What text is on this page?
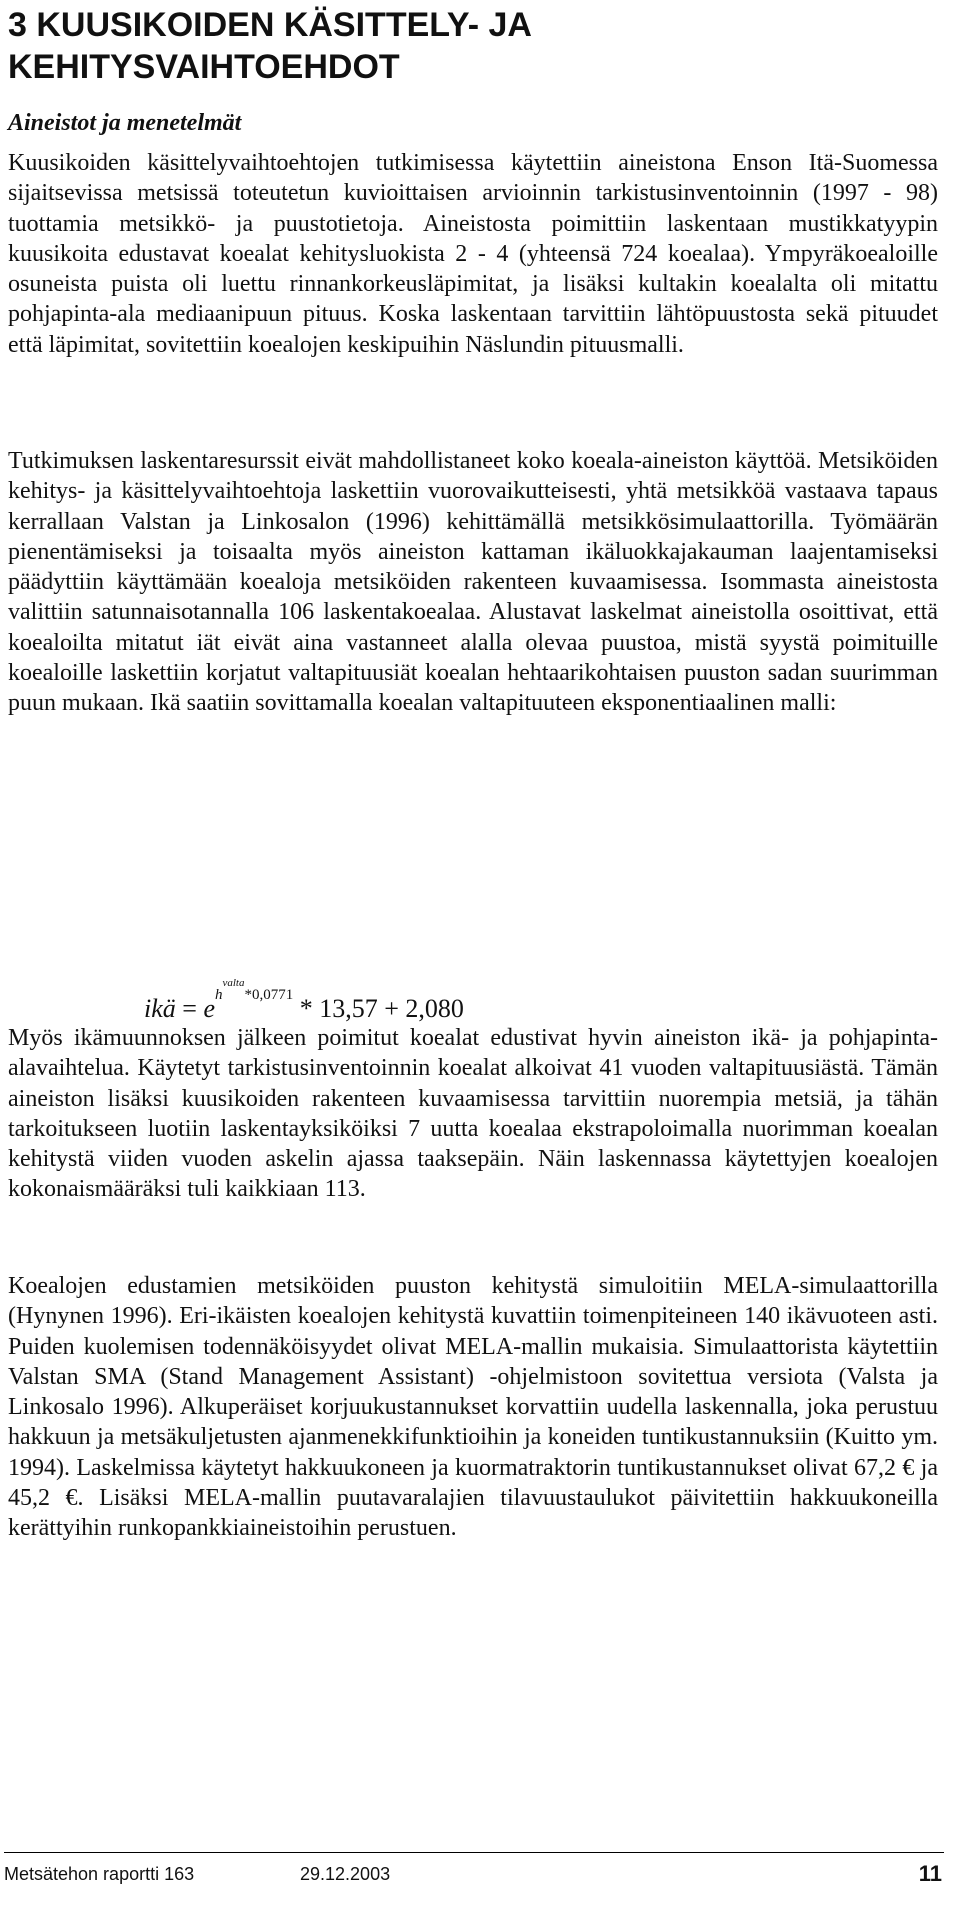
3 KUUSIKOIDEN KÄSITTELY- JA
KEHITYSVAIHTOEHDOT
Aineistot ja menetelmät

Kuusikoiden käsittelyvaihtoehtojen tutkimisessa käytettiin aineistona Enson Itä-Suomessa sijaitsevissa metsissä toteutetun kuvioittaisen arvioinnin tarkistusinventoinnin (1997 - 98) tuottamia metsikkö- ja puustotietoja. Aineistosta poimittiin laskentaan mustikkatyypin kuusikoita edustavat koealat kehitysluokista 2 - 4 (yhteensä 724 koealaa). Ympyräkoealoille osuneista puista oli luettu rinnankorkeusläpimitat, ja lisäksi kultakin koealalta oli mitattu pohjapinta-ala mediaanipuun pituus. Koska laskentaan tarvittiin lähtöpuustosta sekä pituudet että läpimitat, sovitettiin koealojen keskipuihin Näslundin pituusmalli.

Tutkimuksen laskentaresurssit eivät mahdollistaneet koko koeala-aineiston käyttöä. Metsiköiden kehitys- ja käsittelyvaihtoehtoja laskettiin vuorovaikutteisesti, yhtä metsikköä vastaava tapaus kerrallaan Valstan ja Linkosalon (1996) kehittämällä metsikkösimulaattorilla. Työmäärän pienentämiseksi ja toisaalta myös aineiston kattaman ikäluokkajakauman laajentamiseksi päädyttiin käyttämään koealoja metsiköiden rakenteen kuvaamisessa. Isommasta aineistosta valittiin satunnaisotannalla 106 laskentakoealaa. Alustavat laskelmat aineistolla osoittivat, että koealoilta mitatut iät eivät aina vastanneet alalla olevaa puustoa, mistä syystä poimituille koealoille laskettiin korjatut valtapituusiät koealan hehtaarikohtaisen puuston sadan suurimman puun mukaan. Ikä saatiin sovittamalla koealan valtapituuteen eksponentiaalinen malli:

ikä = $e^{h^{valta}*0,0771} * 13,57 + 2,080$

Myös ikämuunnoksen jälkeen poimitut koealat edustivat hyvin aineiston ikä- ja pohjapinta-alavaihtelua. Käytetyt tarkistusinventoinnin koealat alkoivat 41 vuoden valtapituusiästä. Tämän aineiston lisäksi kuusikoiden rakenteen kuvaamisessa tarvittiin nuorempia metsiä, ja tähän tarkoitukseen luotiin laskentayksiköiksi 7 uutta koealaa ekstrapoloimalla nuorimman koealan kehitystä viiden vuoden askelin ajassa taaksepäin. Näin laskennassa käytettyjen koealojen kokonaismääräksi tuli kaikkiaan 113.

Koealojen edustamien metsiköiden puuston kehitystä simuloitiin MELA-simulaattorilla (Hynynen 1996). Eri-ikäisten koealojen kehitystä kuvattiin toimenpiteineen 140 ikävuoteen asti. Puiden kuolemisen todennäköisyydet olivat MELA-mallin mukaisia. Simulaattorista käytettiin Valstan SMA (Stand Management Assistant) -ohjelmistoon sovitettua versiota (Valsta ja Linkosalo 1996). Alkuperäiset korjuukustannukset korvattiin uudella laskennalla, joka perustuu hakkuun ja metsäkuljetusten ajanmenekkifunktioihin ja koneiden tuntikustannuksiin (Kuitto ym. 1994). Laskelmissa käytetyt hakkuukoneen ja kuormatraktorin tuntikustannukset olivat 67,2 € ja 45,2 €. Lisäksi MELA-mallin puutavaralajien tilavuustaulukot päivitettiin hakkuukoneilla kerättyihin runkopankkiaineistoihin perustuen.

Metsätehon raportti 163	29.12.2003	11
